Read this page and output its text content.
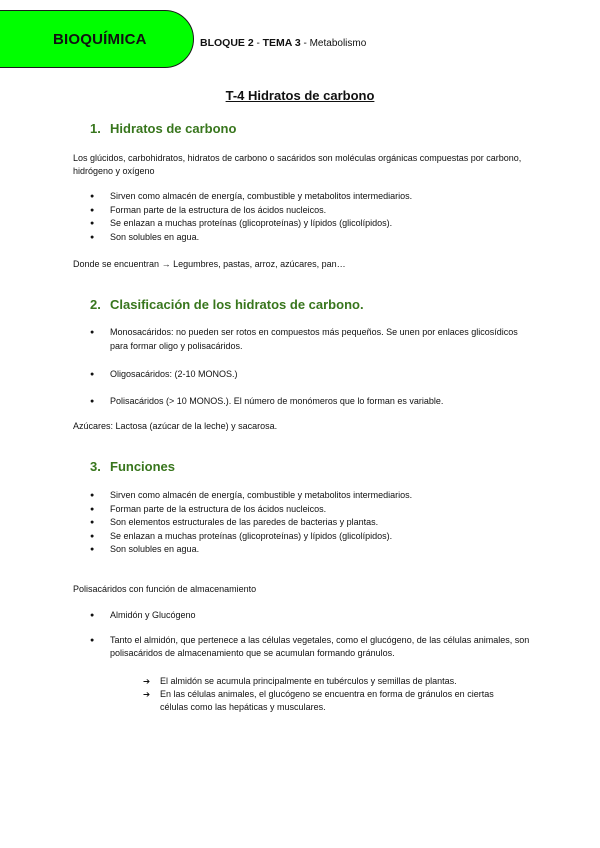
BIOQUÍMICA	BLOQUE 2 - TEMA 3 - Metabolismo
T-4 Hidratos de carbono
1. Hidratos de carbono

Los glúcidos, carbohidratos, hidratos de carbono o sacáridos son moléculas orgánicas compuestas por carbono, hidrógeno y oxígeno

● Sirven como almacén de energía, combustible y metabolitos intermediarios.
● Forman parte de la estructura de los ácidos nucleicos.
● Se enlazan a muchas proteínas (glicoproteínas) y lípidos (glicolípidos).
● Son solubles en agua.

Donde se encuentran → Legumbres, pastas, arroz, azúcares, pan…

2. Clasificación de los hidratos de carbono.
● Monosacáridos: no pueden ser rotos en compuestos más pequeños. Se unen por enlaces glicosídicos para formar oligo y polisacáridos.
● Oligosacáridos: (2-10 MONOS.)
● Polisacáridos (> 10 MONOS.). El número de monómeros que lo forman es variable.

Azúcares: Lactosa (azúcar de la leche) y sacarosa.

3. Funciones
● Sirven como almacén de energía, combustible y metabolitos intermediarios.
● Forman parte de la estructura de los ácidos nucleicos.
● Son elementos estructurales de las paredes de bacterias y plantas.
● Se enlazan a muchas proteínas (glicoproteínas) y lípidos (glicolípidos).
● Son solubles en agua.

Polisacáridos con función de almacenamiento

● Almidón y Glucógeno
● Tanto el almidón, que pertenece a las células vegetales, como el glucógeno, de las células animales, son polisacáridos de almacenamiento que se acumulan formando gránulos.
➔ El almidón se acumula principalmente en tubérculos y semillas de plantas.
➔ En las células animales, el glucógeno se encuentra en forma de gránulos en ciertas células como las hepáticas y musculares.
